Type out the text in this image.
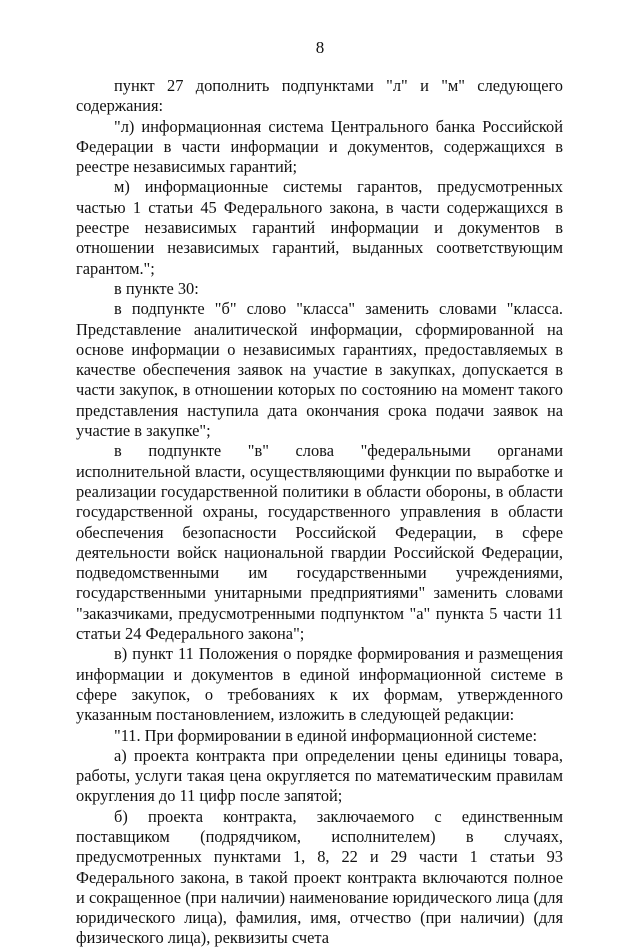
8

пункт 27 дополнить подпунктами "л" и "м" следующего содержания:

"л) информационная система Центрального банка Российской Федерации в части информации и документов, содержащихся в реестре независимых гарантий;

м) информационные системы гарантов, предусмотренных частью 1 статьи 45 Федерального закона, в части содержащихся в реестре независимых гарантий информации и документов в отношении независимых гарантий, выданных соответствующим гарантом.";

в пункте 30:

в подпункте "б" слово "класса" заменить словами "класса. Представление аналитической информации, сформированной на основе информации о независимых гарантиях, предоставляемых в качестве обеспечения заявок на участие в закупках, допускается в части закупок, в отношении которых по состоянию на момент такого представления наступила дата окончания срока подачи заявок на участие в закупке";

в подпункте "в" слова "федеральными органами исполнительной власти, осуществляющими функции по выработке и реализации государственной политики в области обороны, в области государственной охраны, государственного управления в области обеспечения безопасности Российской Федерации, в сфере деятельности войск национальной гвардии Российской Федерации, подведомственными им государственными учреждениями, государственными унитарными предприятиями" заменить словами "заказчиками, предусмотренными подпунктом "а" пункта 5 части 11 статьи 24 Федерального закона";

в) пункт 11 Положения о порядке формирования и размещения информации и документов в единой информационной системе в сфере закупок, о требованиях к их формам, утвержденного указанным постановлением, изложить в следующей редакции:

"11. При формировании в единой информационной системе:

а) проекта контракта при определении цены единицы товара, работы, услуги такая цена округляется по математическим правилам округления до 11 цифр после запятой;

б) проекта контракта, заключаемого с единственным поставщиком (подрядчиком, исполнителем) в случаях, предусмотренных пунктами 1, 8, 22 и 29 части 1 статьи 93 Федерального закона, в такой проект контракта включаются полное и сокращенное (при наличии) наименование юридического лица (для юридического лица), фамилия, имя, отчество (при наличии) (для физического лица), реквизиты счета
